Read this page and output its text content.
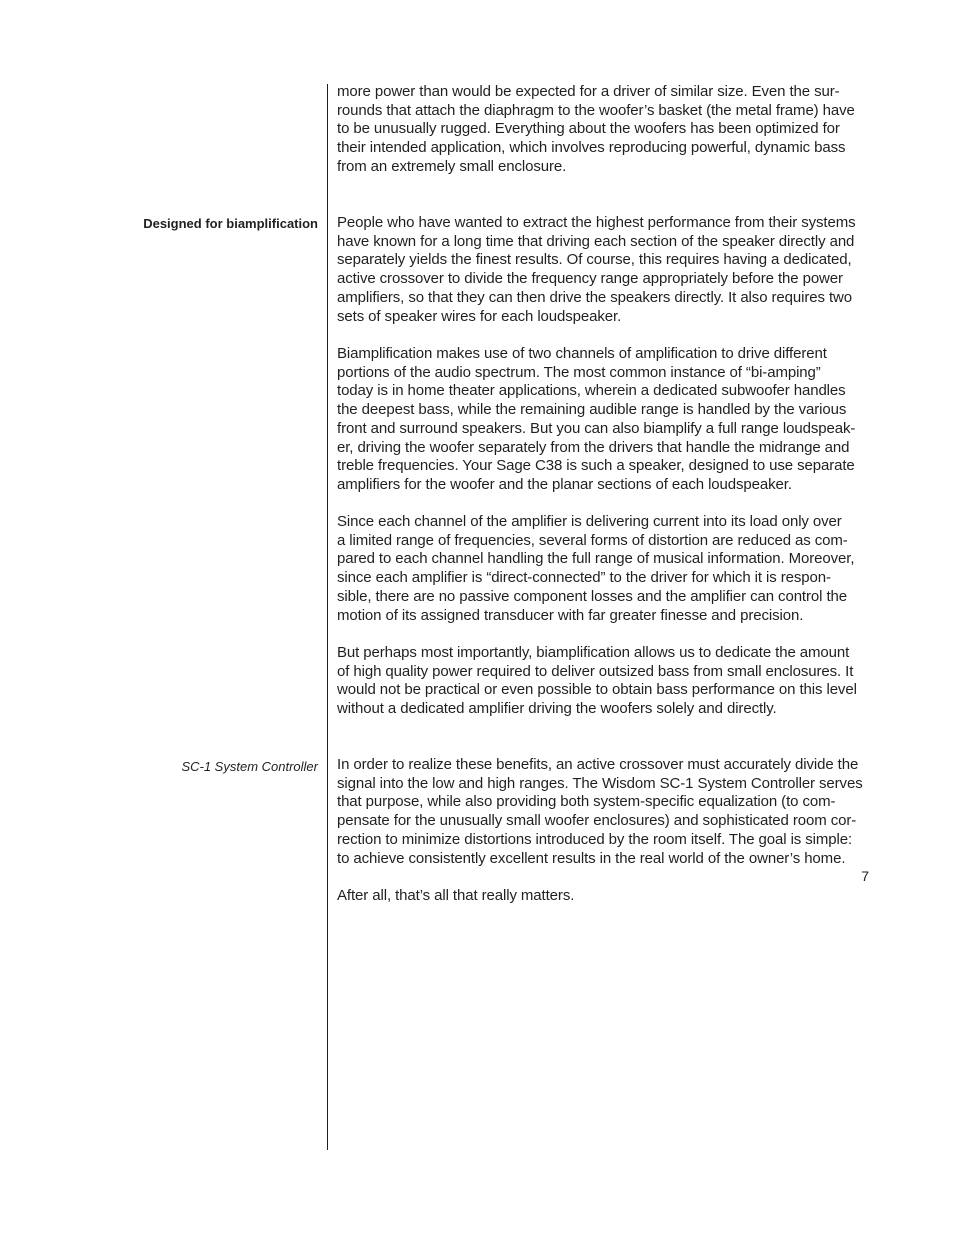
more power than would be expected for a driver of similar size. Even the sur-
rounds that attach the diaphragm to the woofer’s basket (the metal frame) have
to be unusually rugged. Everything about the woofers has been optimized for
their intended application, which involves reproducing powerful, dynamic bass
from an extremely small enclosure.

Designed for biamplification People who have wanted to extract the highest performance from their systems
have known for a long time that driving each section of the speaker directly and
separately yields the finest results. Of course, this requires having a dedicated,
active crossover to divide the frequency range appropriately before the power
amplifiers, so that they can then drive the speakers directly. It also requires two
sets of speaker wires for each loudspeaker.

Biamplification makes use of two channels of amplification to drive different
portions of the audio spectrum. The most common instance of “bi-amping”
today is in home theater applications, wherein a dedicated subwoofer handles
the deepest bass, while the remaining audible range is handled by the various
front and surround speakers. But you can also biamplify a full range loudspeak-
er, driving the woofer separately from the drivers that handle the midrange and
treble frequencies. Your Sage C38 is such a speaker, designed to use separate
amplifiers for the woofer and the planar sections of each loudspeaker.

Since each channel of the amplifier is delivering current into its load only over
a limited range of frequencies, several forms of distortion are reduced as com-
pared to each channel handling the full range of musical information. Moreover,
since each amplifier is “direct-connected” to the driver for which it is respon-
sible, there are no passive component losses and the amplifier can control the
motion of its assigned transducer with far greater finesse and precision.

But perhaps most importantly, biamplification allows us to dedicate the amount
of high quality power required to deliver outsized bass from small enclosures. It
would not be practical or even possible to obtain bass performance on this level
without a dedicated amplifier driving the woofers solely and directly.

SC-1 System Controller In order to realize these benefits, an active crossover must accurately divide the
signal into the low and high ranges. The Wisdom SC-1 System Controller serves
that purpose, while also providing both system-specific equalization (to com-
pensate for the unusually small woofer enclosures) and sophisticated room cor-
rection to minimize distortions introduced by the room itself. The goal is simple:
to achieve consistently excellent results in the real world of the owner’s home.

After all, that’s all that really matters.

7
